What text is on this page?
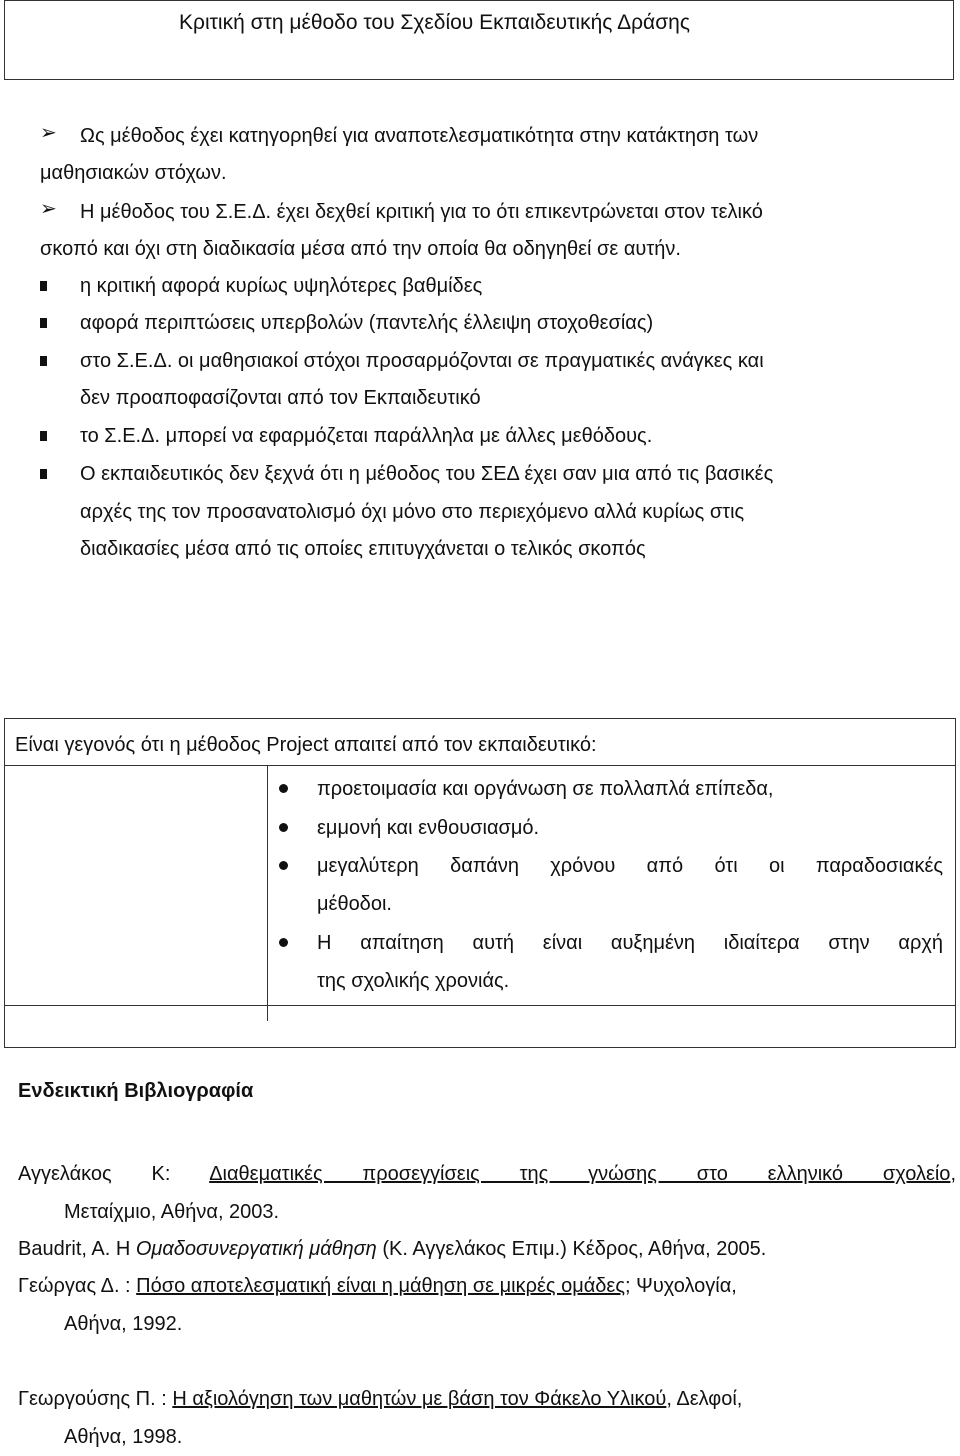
Κριτική στη μέθοδο του Σχεδίου Εκπαιδευτικής Δράσης
➢ Ως μέθοδος έχει κατηγορηθεί για αναποτελεσματικότητα στην κατάκτηση των
μαθησιακών στόχων.
➢ Η μέθοδος του Σ.Ε.Δ. έχει δεχθεί κριτική για το ότι επικεντρώνεται στον τελικό
σκοπό και όχι στη διαδικασία μέσα από την οποία θα οδηγηθεί σε αυτήν.
η κριτική αφορά κυρίως υψηλότερες βαθμίδες
αφορά περιπτώσεις υπερβολών (παντελής έλλειψη στοχοθεσίας)
στο Σ.Ε.Δ. οι μαθησιακοί στόχοι προσαρμόζονται σε πραγματικές ανάγκες και
δεν προαποφασίζονται από τον Εκπαιδευτικό
το Σ.Ε.Δ. μπορεί να εφαρμόζεται παράλληλα με άλλες μεθόδους.
Ο εκπαιδευτικός δεν ξεχνά ότι η μέθοδος του ΣΕΔ έχει σαν μια από τις βασικές
αρχές της τον προσανατολισμό όχι μόνο στο περιεχόμενο αλλά κυρίως στις
διαδικασίες μέσα από τις οποίες επιτυγχάνεται ο τελικός σκοπός
Είναι γεγονός ότι η μέθοδος Project απαιτεί από τον εκπαιδευτικό:
προετοιμασία και οργάνωση σε πολλαπλά επίπεδα,
εμμονή και ενθουσιασμό.
μεγαλύτερη δαπάνη χρόνου από ότι οι παραδοσιακές
μέθοδοι.
Η απαίτηση αυτή είναι αυξημένη ιδιαίτερα στην αρχή
της σχολικής χρονιάς.
Ενδεικτική Βιβλιογραφία
Αγγελάκος Κ: Διαθεματικές προσεγγίσεις της γνώσης στο ελληνικό σχολείο,
Μεταίχμιο, Αθήνα, 2003.
Baudrit, A. Η Ομαδοσυνεργατική μάθηση (Κ. Αγγελάκος Επιμ.) Κέδρος, Αθήνα, 2005.
Γεώργας Δ. : Πόσο αποτελεσματική είναι η μάθηση σε μικρές ομάδες; Ψυχολογία,
Αθήνα, 1992.
Γεωργούσης Π. : Η αξιολόγηση των μαθητών με βάση τον Φάκελο Υλικού, Δελφοί,
Αθήνα, 1998.
